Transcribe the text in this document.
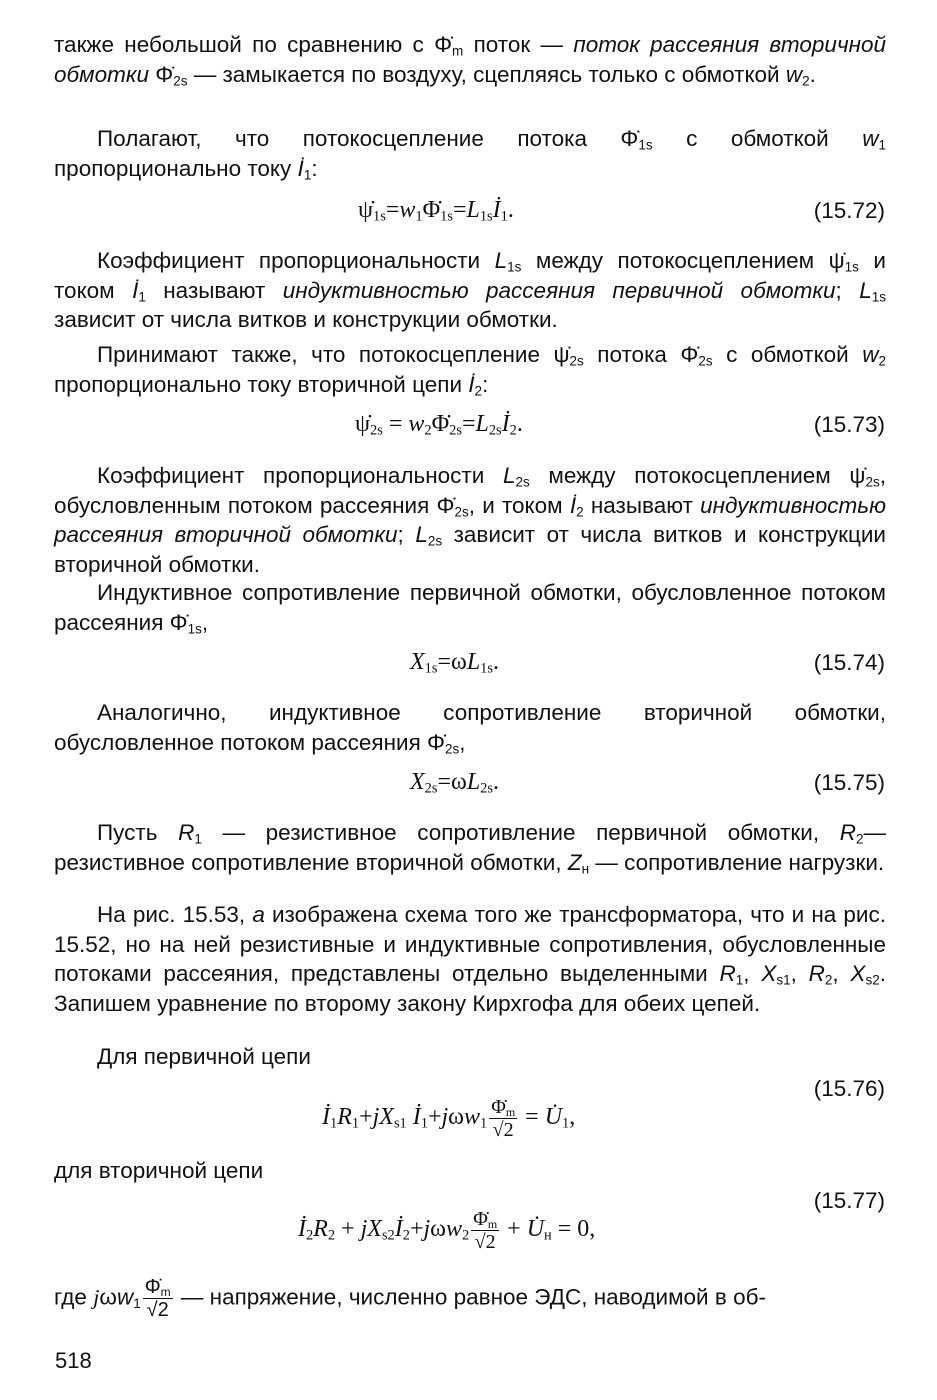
также небольшой по сравнению с $\Phi̇_m$ поток — поток рассеяния вторичной обмотки $\Phi̇_{2s}$ — замыкается по воздуху, сцепляясь только с обмоткой $w_2$.
Полагают, что потокосцепление потока $\Phi̇_{1s}$ с обмоткой $w_1$ пропорционально току $İ_1$:
$\psi̇_{1s}=w_1\Phi̇_{1s}=L_{1s}İ_1$.	(15.72)
Коэффициент пропорциональности $L_{1s}$ между потокосцеплением $\psi̇_{1s}$ и током $İ_1$ называют индуктивностью рассеяния первичной обмотки; $L_{1s}$ зависит от числа витков и конструкции обмотки.
Принимают также, что потокосцепление $\psi̇_{2s}$ потока $\Phi̇_{2s}$ с обмоткой $w_2$ пропорционально току вторичной цепи $İ_2$:
$\psi̇_{2s}$ = $w_2\Phi̇_{2s}=L_{2s}İ_2$.	(15.73)
Коэффициент пропорциональности $L_{2s}$ между потокосцеплением $\psi̇_{2s}$, обусловленным потоком рассеяния $\Phi̇_{2s}$, и током $İ_2$ называют индуктивностью рассеяния вторичной обмотки; $L_{2s}$ зависит от числа витков и конструкции вторичной обмотки.
Индуктивное сопротивление первичной обмотки, обусловленное потоком рассеяния $\Phi̇_{1s}$,
$X_{1s}=\omega L_{1s}$.	(15.74)
Аналогично, индуктивное сопротивление вторичной обмотки, обусловленное потоком рассеяния $\Phi̇_{2s}$,
$X_{2s}=\omega L_{2s}$.	(15.75)
Пусть $R_1$ — резистивное сопротивление первичной обмотки, $R_2—$ резистивное сопротивление вторичной обмотки, $Z_н$ — сопротивление нагрузки.
На рис. 15.53, а изображена схема того же трансформатора, что и на рис. 15.52, но на ней резистивные и индуктивные сопротивления, обусловленные потоками рассеяния, представлены отдельно выделенными $R_1$, $X_{s1}$, $R_2$, $X_{s2}$. Запишем уравнение по второму закону Кирхгофа для обеих цепей.
Для первичной цепи
(15.76)
$İ_1R_1+jX_{s1}$ $İ_1+j\omega w_1 \frac{\Phi̇_m}{√2}$ = $U̇_1$,
для вторичной цепи
(15.77)
$İ_2R_2$ + $jX_{s2}İ_2+j\omega w_2 \frac{\Phi̇_m}{√2}$ + $U̇_н = 0$,
где $j\omega w_1 \frac{\Phi̇_m}{√2}$ — напряжение, численно равное ЭДС, наводимой в об-
518
